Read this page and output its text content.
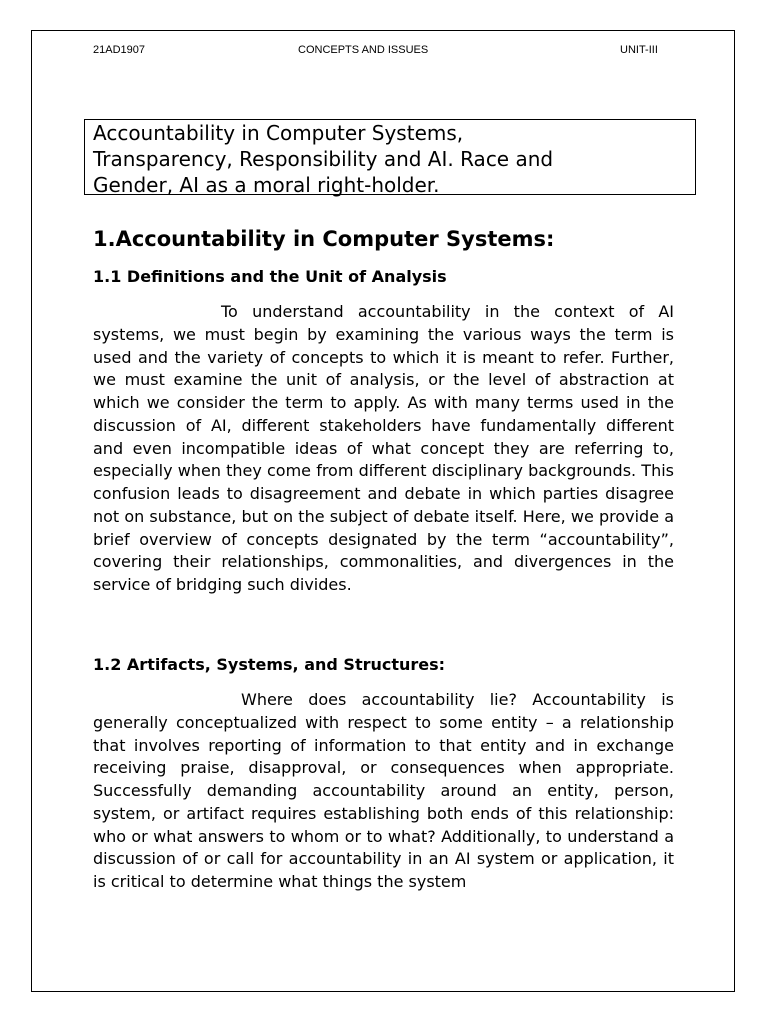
21AD1907	CONCEPTS AND ISSUES	UNIT-III
Accountability in Computer Systems,
Transparency, Responsibility and AI. Race and
Gender, AI as a moral right-holder.
1.Accountability in Computer Systems:
1.1 Definitions and the Unit of Analysis

To understand accountability in the context of AI systems, we must begin by examining the various ways the term is used and the variety of concepts to which it is meant to refer. Further, we must examine the unit of analysis, or the level of abstraction at which we consider the term to apply. As with many terms used in the discussion of AI, different stakeholders have fundamentally different and even incompatible ideas of what concept they are referring to, especially when they come from different disciplinary backgrounds. This confusion leads to disagreement and debate in which parties disagree not on substance, but on the subject of debate itself. Here, we provide a brief overview of concepts designated by the term “accountability”, covering their relationships, commonalities, and divergences in the service of bridging such divides.

1.2 Artifacts, Systems, and Structures:

Where does accountability lie? Accountability is generally conceptualized with respect to some entity – a relationship that involves reporting of information to that entity and in exchange receiving praise, disapproval, or consequences when appropriate. Successfully demanding accountability around an entity, person, system, or artifact requires establishing both ends of this relationship: who or what answers to whom or to what? Additionally, to understand a discussion of or call for accountability in an AI system or application, it is critical to determine what things the system
